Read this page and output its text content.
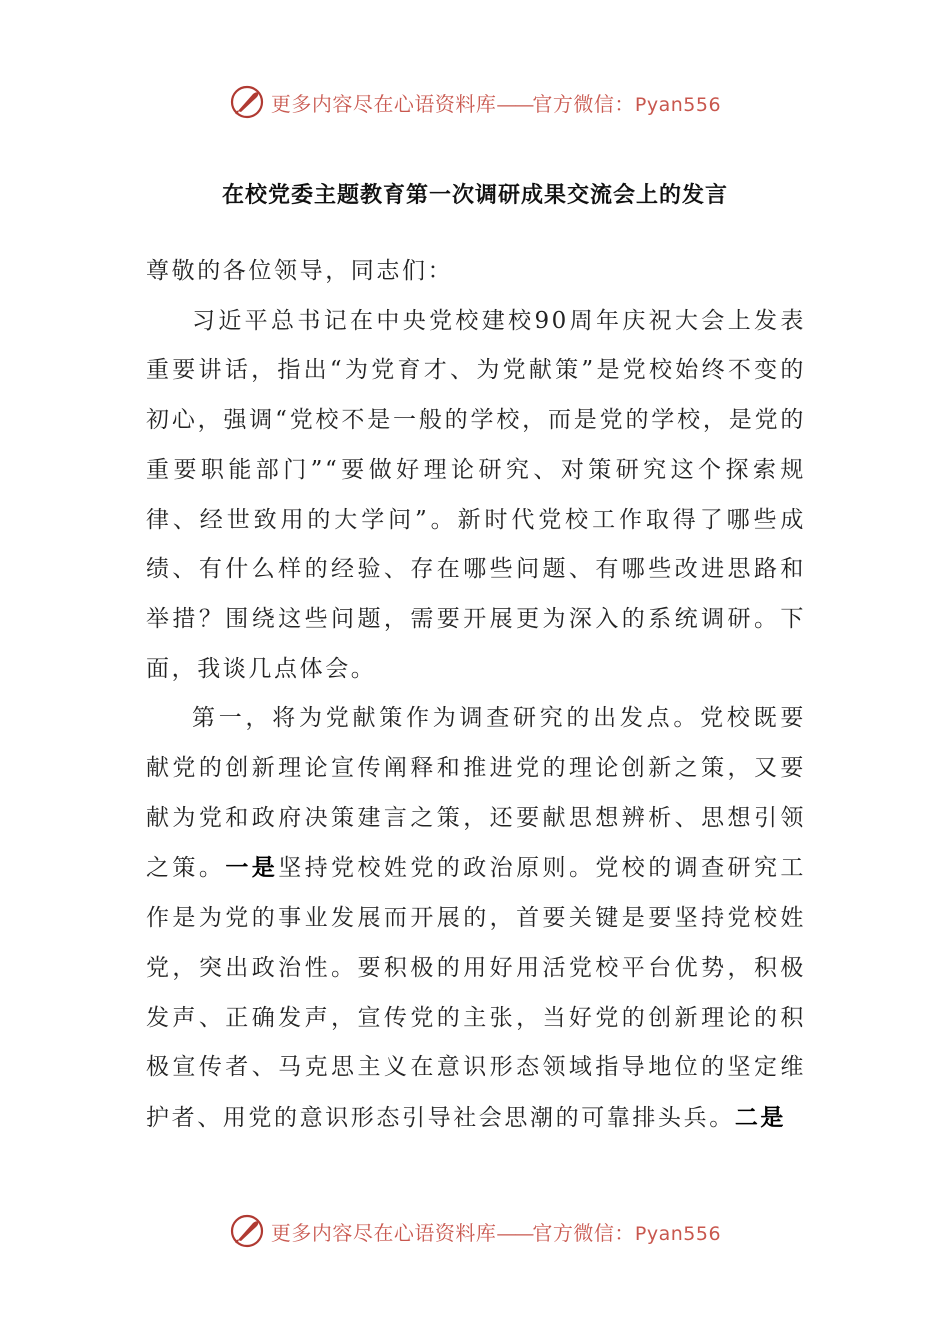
更多内容尽在心语资料库——官方微信：Pyan556
在校党委主题教育第一次调研成果交流会上的发言

尊敬的各位领导，同志们：

习近平总书记在中央党校建校90周年庆祝大会上发表重要讲话，指出“为党育才、为党献策”是党校始终不变的初心，强调“党校不是一般的学校，而是党的学校，是党的重要职能部门”“要做好理论研究、对策研究这个探索规律、经世致用的大学问”。新时代党校工作取得了哪些成绩、有什么样的经验、存在哪些问题、有哪些改进思路和举措？围绕这些问题，需要开展更为深入的系统调研。下面，我谈几点体会。

第一，将为党献策作为调查研究的出发点。党校既要献党的创新理论宣传阐释和推进党的理论创新之策，又要献为党和政府决策建言之策，还要献思想辨析、思想引领之策。一是坚持党校姓党的政治原则。党校的调查研究工作是为党的事业发展而开展的，首要关键是要坚持党校姓党，突出政治性。要积极的用好用活党校平台优势，积极发声、正确发声，宣传党的主张，当好党的创新理论的积极宣传者、马克思主义在意识形态领域指导地位的坚定维护者、用党的意识形态引导社会思潮的可靠排头兵。二是

更多内容尽在心语资料库——官方微信：Pyan556
